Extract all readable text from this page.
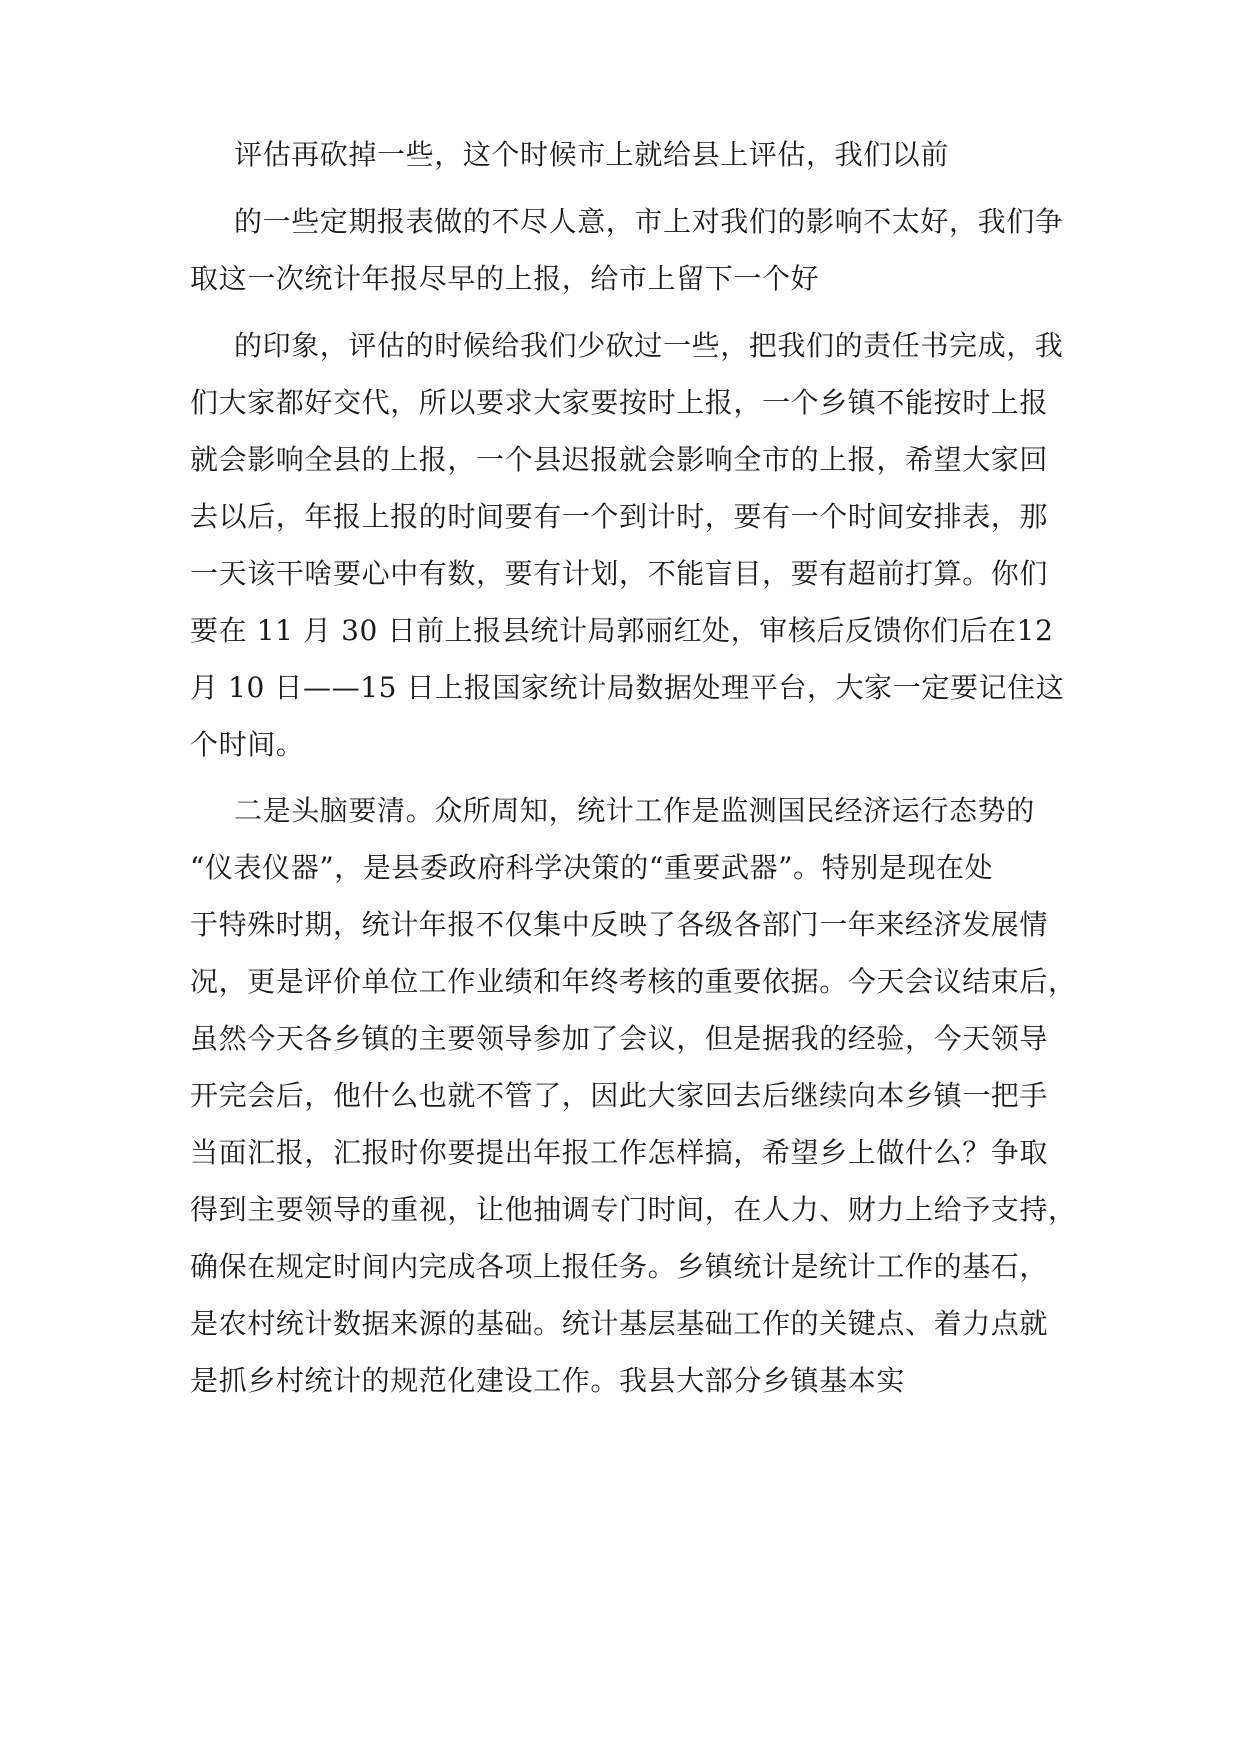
评估再砍掉一些，这个时候市上就给县上评估，我们以前

的一些定期报表做的不尽人意，市上对我们的影响不太好，我们争

取这一次统计年报尽早的上报，给市上留下一个好

的印象，评估的时候给我们少砍过一些，把我们的责任书完成，我

们大家都好交代，所以要求大家要按时上报，一个乡镇不能按时上报

就会影响全县的上报，一个县迟报就会影响全市的上报，希望大家回

去以后，年报上报的时间要有一个到计时，要有一个时间安排表，那

一天该干啥要心中有数，要有计划，不能盲目，要有超前打算。你们

要在 11 月 30 日前上报县统计局郭丽红处，审核后反馈你们后在12

月 10 日——15 日上报国家统计局数据处理平台，大家一定要记住这

个时间。

二是头脑要清。众所周知，统计工作是监测国民经济运行态势的

“仪表仪器”，是县委政府科学决策的“重要武器”。特别是现在处

于特殊时期，统计年报不仅集中反映了各级各部门一年来经济发展情

况，更是评价单位工作业绩和年终考核的重要依据。今天会议结束后，

虽然今天各乡镇的主要领导参加了会议，但是据我的经验，今天领导

开完会后，他什么也就不管了，因此大家回去后继续向本乡镇一把手

当面汇报，汇报时你要提出年报工作怎样搞，希望乡上做什么？争取

得到主要领导的重视，让他抽调专门时间，在人力、财力上给予支持，

确保在规定时间内完成各项上报任务。乡镇统计是统计工作的基石，

是农村统计数据来源的基础。统计基层基础工作的关键点、着力点就

是抓乡村统计的规范化建设工作。我县大部分乡镇基本实
